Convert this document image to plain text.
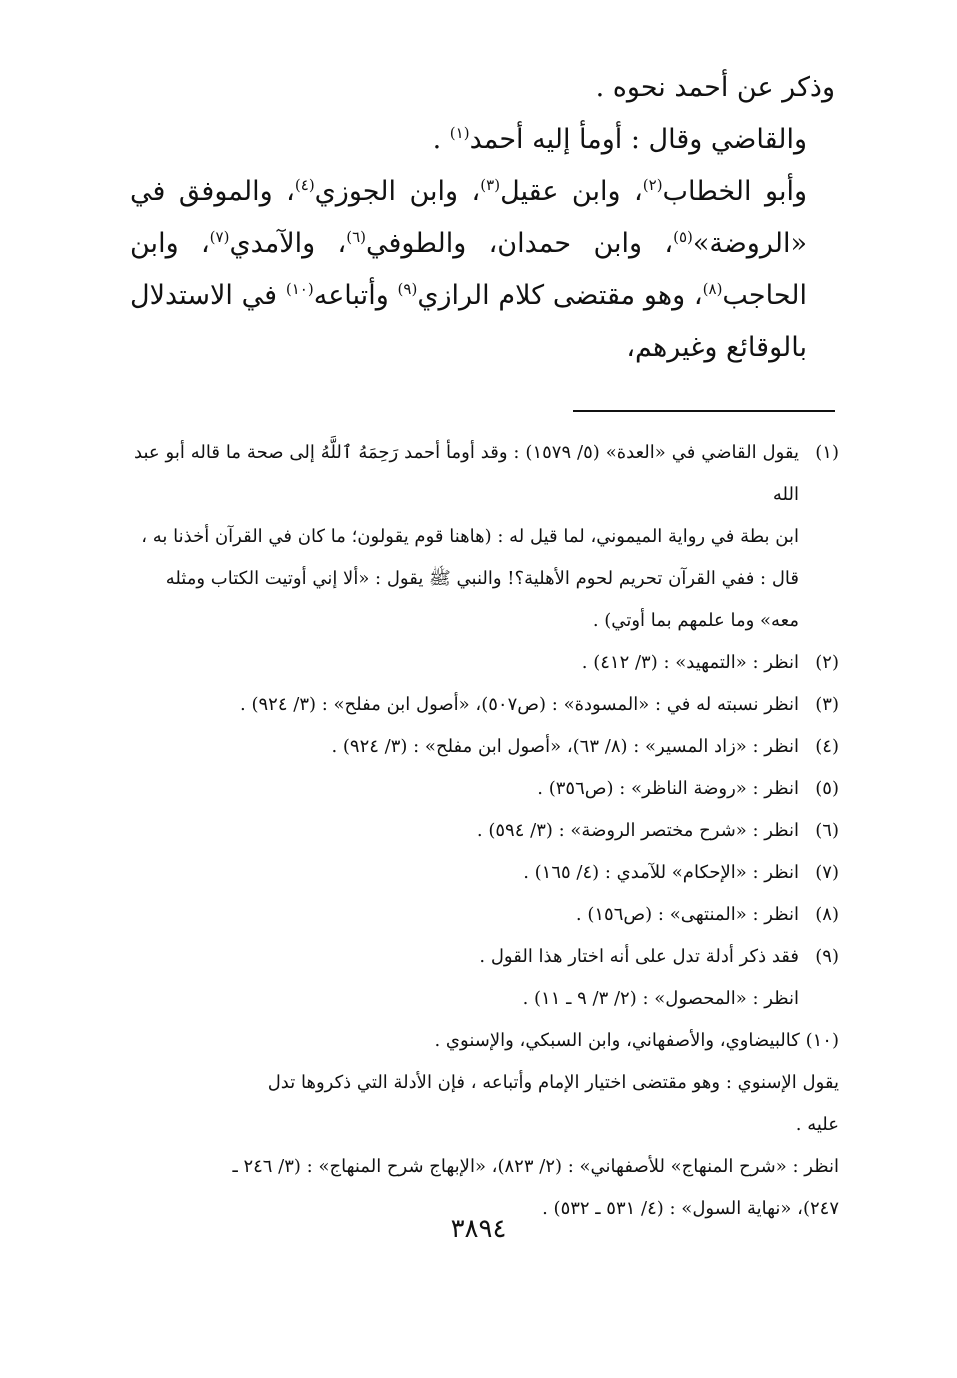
وذكر عن أحمد نحوه .

والقاضي وقال : أومأ إليه أحمد$^{(١)}$ .

وأبو الخطاب$^{(٢)}$، وابن عقيل$^{(٣)}$، وابن الجوزي$^{(٤)}$، والموفق في «الروضة»$^{(٥)}$، وابن حمدان، والطوفي$^{(٦)}$، والآمدي$^{(٧)}$، وابن الحاجب$^{(٨)}$، وهو مقتضى كلام الرازي$^{(٩)}$ وأتباعه$^{(١٠)}$ في الاستدلال بالوقائع وغيرهم،

(١)
يقول القاضي في «العدة» (٥/ ١٥٧٩) : وقد أومأ أحمد رَحِمَهُ ٱللَّهُ إلى صحة ما قاله أبو عبد الله
ابن بطة في رواية الميموني، لما قيل له : (هاهنا قوم يقولون؛ ما كان في القرآن أخذنا به ،
قال : ففي القرآن تحريم لحوم الأهلية؟! والنبي ﷺ يقول : «ألا إني أوتيت الكتاب ومثله
معه» وما علمهم بما أوتي) .
(٢)
انظر : «التمهيد» : (٣/ ٤١٢) .
(٣)
انظر نسبته له في : «المسودة» : (ص٥٠٧)، «أصول ابن مفلح» : (٣/ ٩٢٤) .
(٤)
انظر : «زاد المسير» : (٨/ ٦٣)، «أصول ابن مفلح» : (٣/ ٩٢٤) .
(٥)
انظر : «روضة الناظر» : (ص٣٥٦) .
(٦)
انظر : «شرح مختصر الروضة» : (٣/ ٥٩٤) .
(٧)
انظر : «الإحكام» للآمدي : (٤/ ١٦٥) .
(٨)
انظر : «المنتهى» : (ص١٥٦) .
(٩)
فقد ذكر أدلة تدل على أنه اختار هذا القول .
انظر : «المحصول» : (٢/ ٣/ ٩ ـ ١١) .
(١٠) كالبيضاوي، والأصفهاني، وابن السبكي، والإسنوي .
يقول الإسنوي : وهو مقتضى اختيار الإمام وأتباعه ، فإن الأدلة التي ذكروها تدل
عليه .
انظر : «شرح المنهاج» للأصفهاني» : (٢/ ٨٢٣)، «الإبهاج شرح المنهاج» : (٣/ ٢٤٦ ـ
٢٤٧)، «نهاية السول» : (٤/ ٥٣١ ـ ٥٣٢) .
٣٨٩٤
